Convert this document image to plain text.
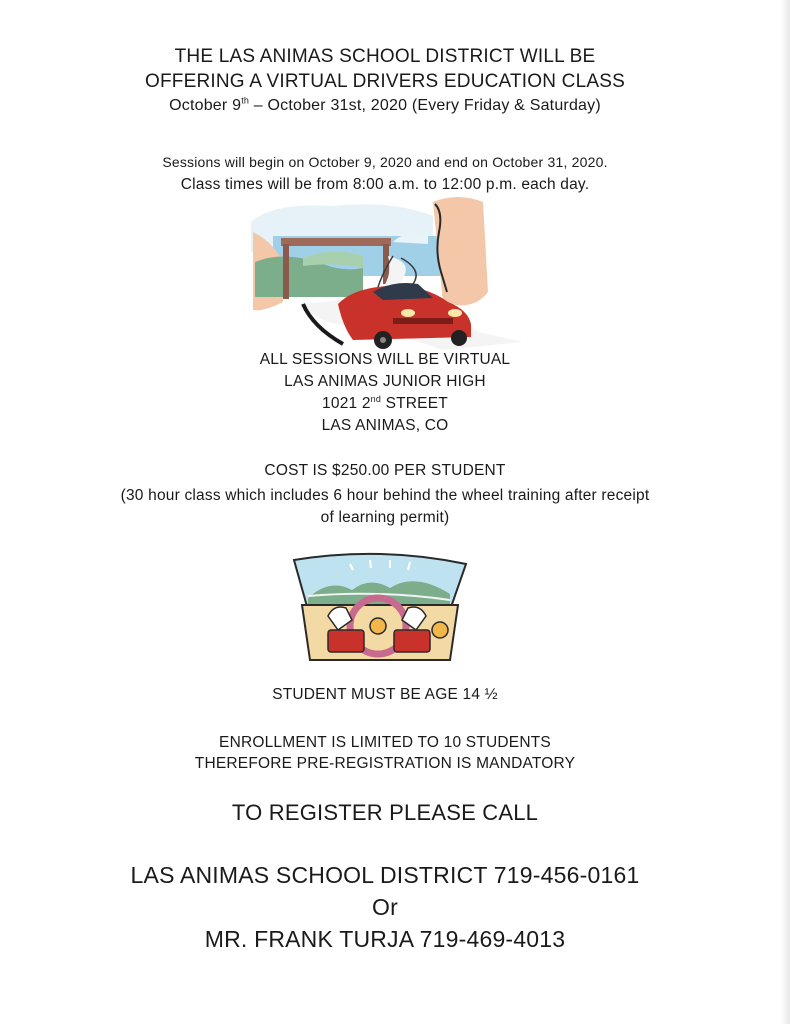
THE LAS ANIMAS SCHOOL DISTRICT WILL BE
OFFERING A VIRTUAL DRIVERS EDUCATION CLASS
October 9th – October 31st, 2020 (Every Friday & Saturday)
Sessions will begin on October 9, 2020 and end on October 31, 2020.
Class times will be from 8:00 a.m. to 12:00 p.m. each day.
ALL SESSIONS WILL BE VIRTUAL
LAS ANIMAS JUNIOR HIGH
1021 2nd STREET
LAS ANIMAS, CO
COST IS $250.00 PER STUDENT
(30 hour class which includes 6 hour behind the wheel training after receipt
of learning permit)
STUDENT MUST BE AGE 14 ½
ENROLLMENT IS LIMITED TO 10 STUDENTS
THEREFORE PRE-REGISTRATION IS MANDATORY
TO REGISTER PLEASE CALL
LAS ANIMAS SCHOOL DISTRICT 719-456-0161
Or
MR. FRANK TURJA 719-469-4013
